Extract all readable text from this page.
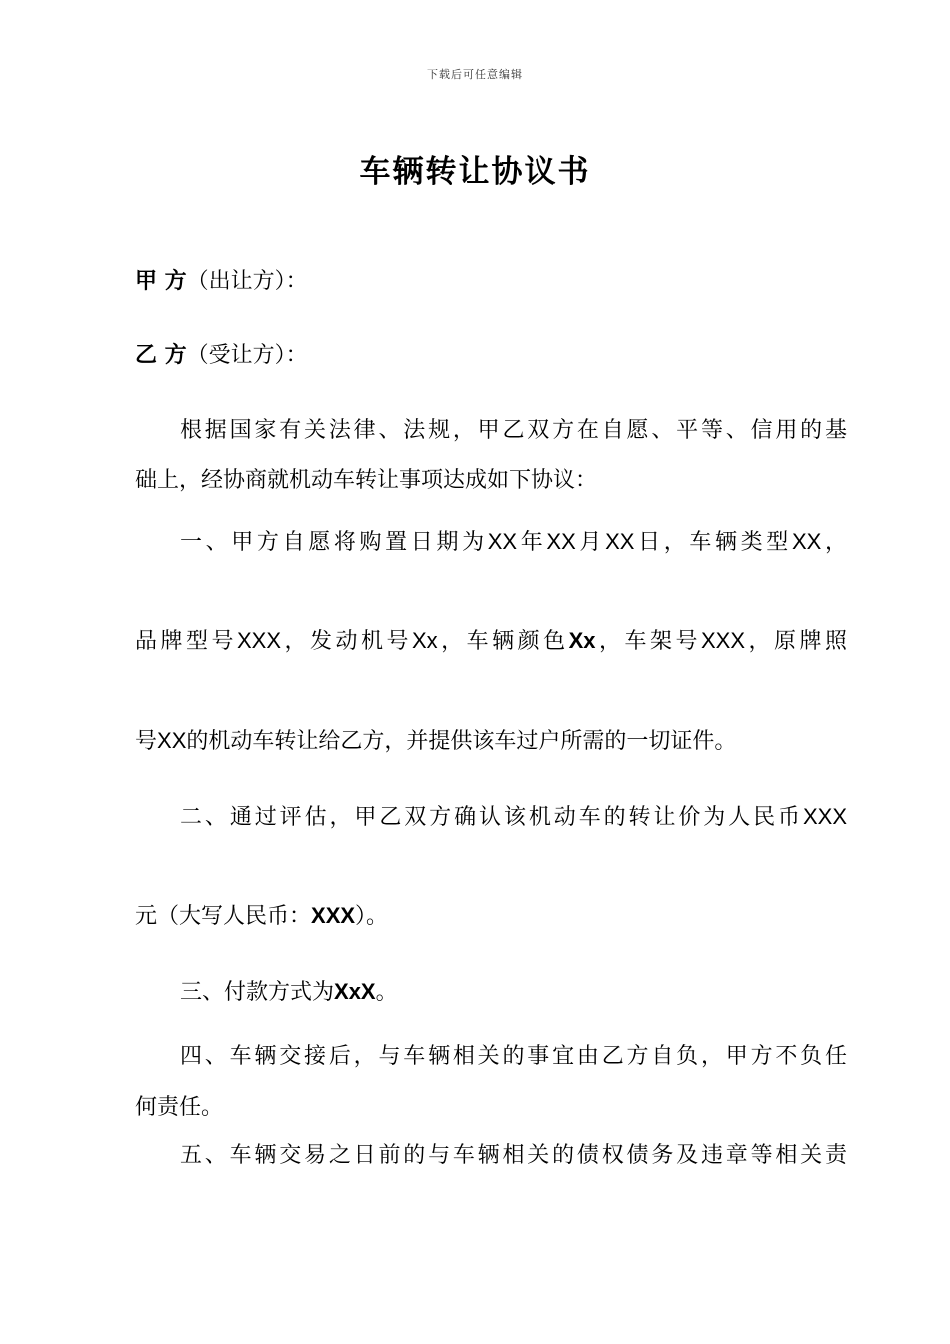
下载后可任意编辑
车辆转让协议书
甲 方（出让方）：
乙 方（受让方）：
根据国家有关法律、法规，甲乙双方在自愿、平等、信用的基
础上，经协商就机动车转让事项达成如下协议：
一、甲方自愿将购置日期为XX年XX月XX日，车辆类型XX，
品牌型号XXX，发动机号Xx，车辆颜色Xx，车架号XXX，原牌照
号XX的机动车转让给乙方，并提供该车过户所需的一切证件。
二、通过评估，甲乙双方确认该机动车的转让价为人民币XXX
元（大写人民币：XXX）。
三、付款方式为XxX。
四、车辆交接后，与车辆相关的事宜由乙方自负，甲方不负任
何责任。
五、车辆交易之日前的与车辆相关的债权债务及违章等相关责
